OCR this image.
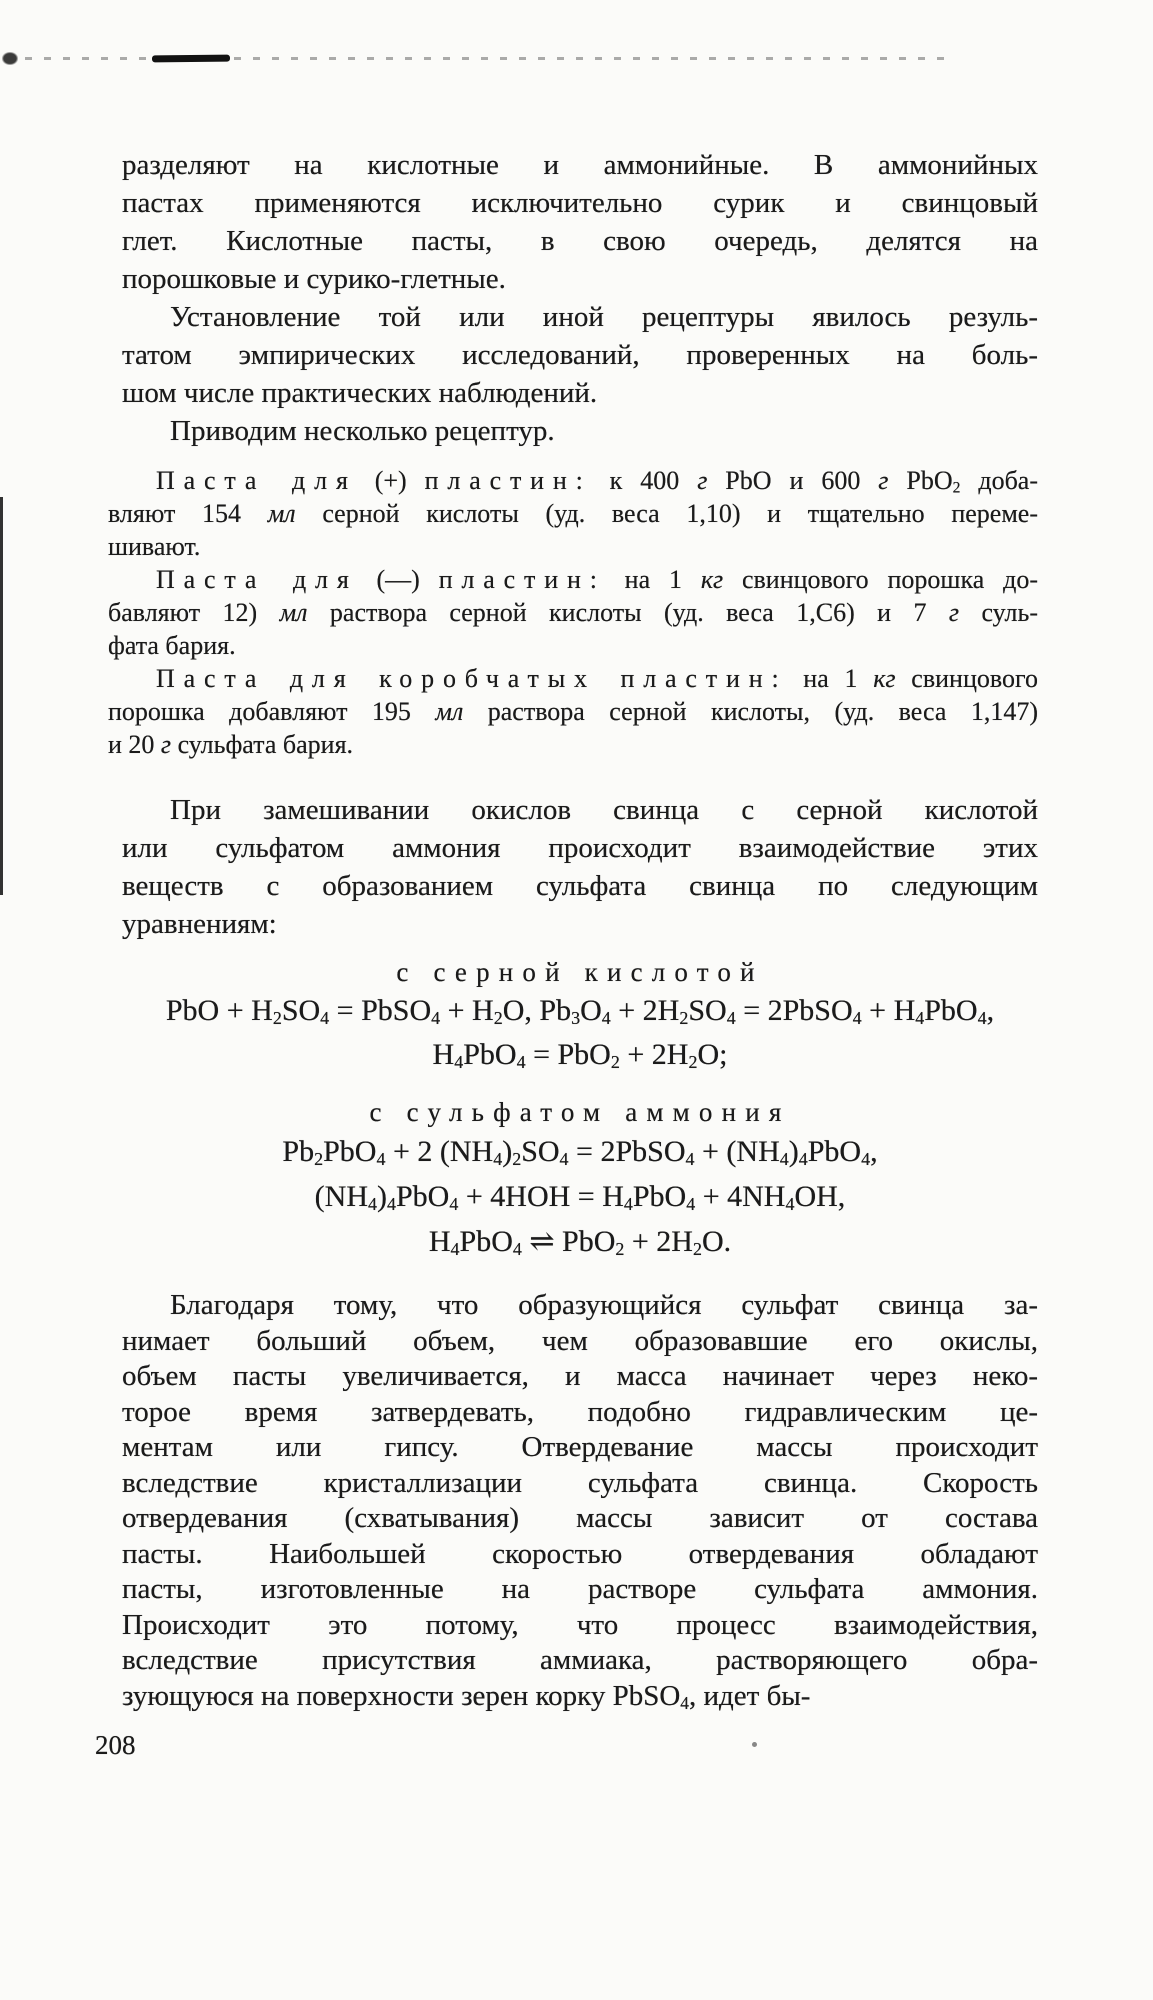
разделяют на кислотные и аммонийные. В аммонийных
пастах применяются исключительно сурик и свинцовый
глет. Кислотные пасты, в свою очередь, делятся на
порошковые и сурико-глетные.
Установление той или иной рецептуры явилось резуль-
татом эмпирических исследований, проверенных на боль-
шом числе практических наблюдений.
Приводим несколько рецептур.
Паста для (+) пластин: к 400 г PbO и 600 г PbO$_2$ доба-
вляют 154 мл серной кислоты (уд. веса 1,10) и тщательно переме-
шивают.
Паста для (—) пластин: на 1 кг свинцового порошка до-
бавляют 12) мл раствора серной кислоты (уд. веса 1,С6) и 7 г суль-
фата бария.
Паста для коробчатых пластин: на 1 кг свинцового
порошка добавляют 195 мл раствора серной кислоты, (уд. веса 1,147)
и 20 г сульфата бария.
При замешивании окислов свинца с серной кислотой
или сульфатом аммония происходит взаимодействие этих
веществ с образованием сульфата свинца по следующим
уравнениям:
с серной кислотой
PbO + $H_2SO_4$ = PbSO$_4$ + $H_2O$, $Pb_3O_4 + 2H_2SO_4$ = 2PbSO$_4$ + $H_4PbO_4$,
$H_4PbO_4 = PbO_2 + 2H_2O$;
с сульфатом аммония
$Pb_2PbO_4 + 2$ $(NH_4)_2SO_4$ = 2PbSO$_4$ + $(NH_4)_4PbO_4$,
$(NH_4)_4PbO_4 + 4HOH = H_4PbO_4 + 4NH_4OH$,
$H_4PbO_4$ ⇌ $PbO_2 + 2H_2O$.
Благодаря тому, что образующийся сульфат свинца за-
нимает больший объем, чем образовавшие его окислы,
объем пасты увеличивается, и масса начинает через неко-
торое время затвердевать, подобно гидравлическим це-
ментам или гипсу. Отвердевание массы происходит
вследствие кристаллизации сульфата свинца. Скорость
отвердевания (схватывания) массы зависит от состава
пасты. Наибольшей скоростью отвердевания обладают
пасты, изготовленные на растворе сульфата аммония.
Происходит это потому, что процесс взаимодействия,
вследствие присутствия аммиака, растворяющего обра-
зующуюся на поверхности зерен корку PbSO$_4$, идет бы-
208
